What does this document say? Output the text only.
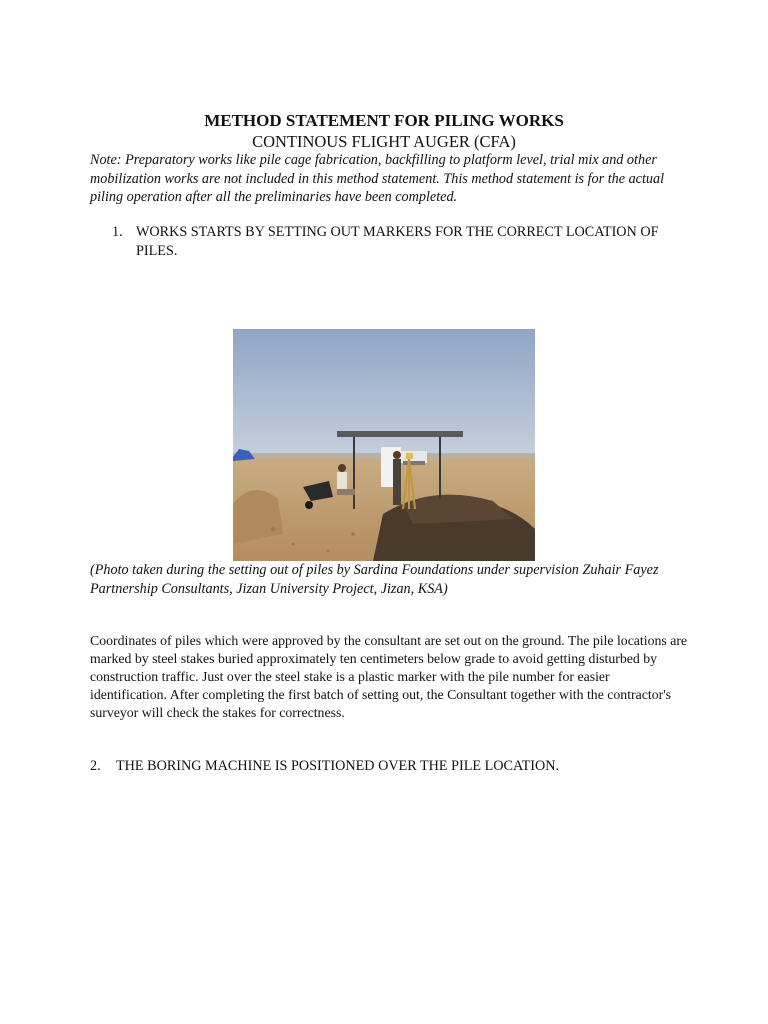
METHOD STATEMENT FOR PILING WORKS
CONTINOUS FLIGHT AUGER (CFA)
Note: Preparatory works like pile cage fabrication, backfilling to platform level, trial mix and other mobilization works are not included in this method statement. This method statement is for the actual piling operation after all the preliminaries have been completed.
1. WORKS STARTS BY SETTING OUT MARKERS FOR THE CORRECT LOCATION OF PILES.
(Photo taken during the setting out of piles by Sardina Foundations under supervision Zuhair Fayez Partnership Consultants, Jizan University Project, Jizan, KSA)
Coordinates of piles which were approved by the consultant are set out on the ground. The pile locations are marked by steel stakes buried approximately ten centimeters below grade to avoid getting disturbed by construction traffic. Just over the steel stake is a plastic marker with the pile number for easier identification. After completing the first batch of setting out, the Consultant together with the contractor's surveyor will check the stakes for correctness.
2. THE BORING MACHINE IS POSITIONED OVER THE PILE LOCATION.
